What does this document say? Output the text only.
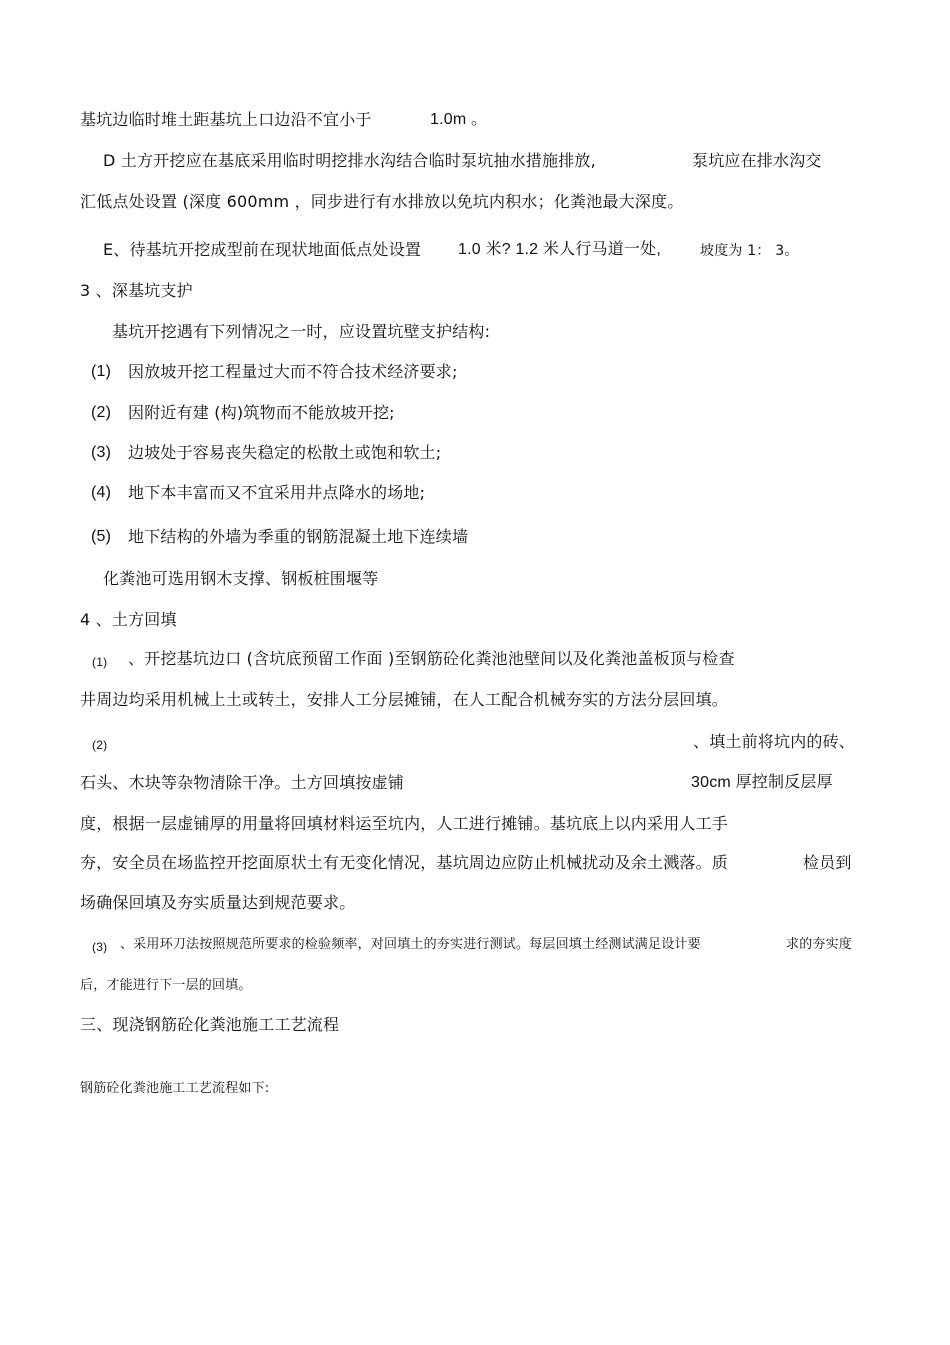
基坑边临时堆土距基坑上口边沿不宜小于	1.0m 。
D 土方开挖应在基底采用临时明挖排水沟结合临时泵坑抽水措施排放,	泵坑应在排水沟交
汇低点处设置 (深度 600mm ，同步进行有水排放以免坑内积水；化粪池最大深度。
E、待基坑开挖成型前在现状地面低点处设置 1.0 米? 1.2 米人行马道一处,	坡度为 1： 3。
3 、深基坑支护
基坑开挖遇有下列情况之一时，应设置坑壁支护结构:
(1) 因放坡开挖工程量过大而不符合技术经济要求;
(2) 因附近有建 (构)筑物而不能放坡开挖;
(3) 边坡处于容易丧失稳定的松散土或饱和软土;
(4) 地下本丰富而又不宜采用井点降水的场地;
(5) 地下结构的外墙为季重的钢筋混凝土地下连续墙
化粪池可选用钢木支撑、钢板桩围堰等
4 、土方回填
(1) 、开挖基坑边口 (含坑底预留工作面 )至钢筋砼化粪池池壁间以及化粪池盖板顶与检查
井周边均采用机械上土或转土，安排人工分层摊铺，在人工配合机械夯实的方法分层回填。
(2)	、填土前将坑内的砖、
石头、木块等杂物清除干净。土方回填按虚铺	30cm 厚控制反层厚
度，根据一层虚铺厚的用量将回填材料运至坑内，人工进行摊铺。基坑底上以内采用人工手
夯，安全员在场监控开挖面原状土有无变化情况，基坑周边应防止机械扰动及余土溅落。质	检员到
场确保回填及夯实质量达到规范要求。
(3) 、采用环刀法按照规范所要求的检验频率，对回填土的夯实进行测试。每层回填土经测试满足设计要	求的夯实度
后，才能进行下一层的回填。
三、现浇钢筋砼化粪池施工工艺流程
钢筋砼化粪池施工工艺流程如下:
